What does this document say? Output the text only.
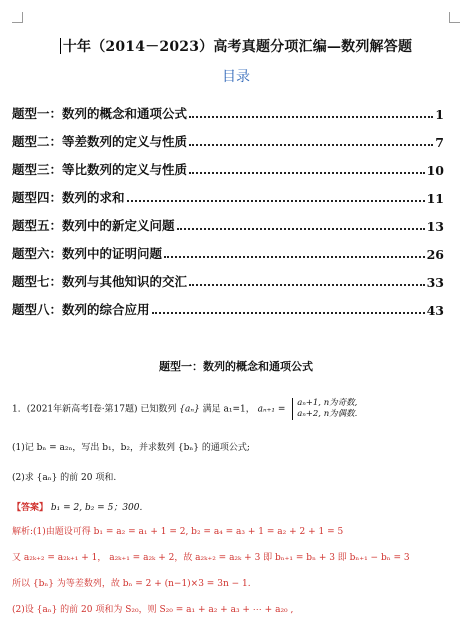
十年（2014－2023）高考真题分项汇编—数列解答题
目录
题型一：数列的概念和通项公式	1
题型二：等差数列的定义与性质	7
题型三：等比数列的定义与性质	10
题型四：数列的求和	11
题型五：数列中的新定义问题	13
题型六：数列中的证明问题	26
题型七：数列与其他知识的交汇	33
题型八：数列的综合应用	43
题型一：数列的概念和通项公式
1．(2021年新高考I卷·第17题) 已知数列 {aₙ} 满足 a₁=1， aₙ₊₁ = aₙ+1, n为奇数,
aₙ+2, n为偶数.
(1)记 bₙ = a₂ₙ，写出 b₁，b₂，并求数列 {bₙ} 的通项公式;
(2)求 {aₙ} 的前 20 项和.
【答案】 b₁ = 2, b₂ = 5；300.
解析:(1)由题设可得 b₁ = a₂ = a₁ + 1 = 2, b₂ = a₄ = a₃ + 1 = a₂ + 2 + 1 = 5
又 a₂ₖ₊₂ = a₂ₖ₊₁ + 1， a₂ₖ₊₁ = a₂ₖ + 2，故 a₂ₖ₊₂ = a₂ₖ + 3 即 bₙ₊₁ = bₙ + 3 即 bₙ₊₁ − bₙ = 3
所以 {bₙ} 为等差数列，故 bₙ = 2 + (n−1)×3 = 3n − 1.
(2)设 {aₙ} 的前 20 项和为 S₂₀，则 S₂₀ = a₁ + a₂ + a₃ + ⋯ + a₂₀ ,
